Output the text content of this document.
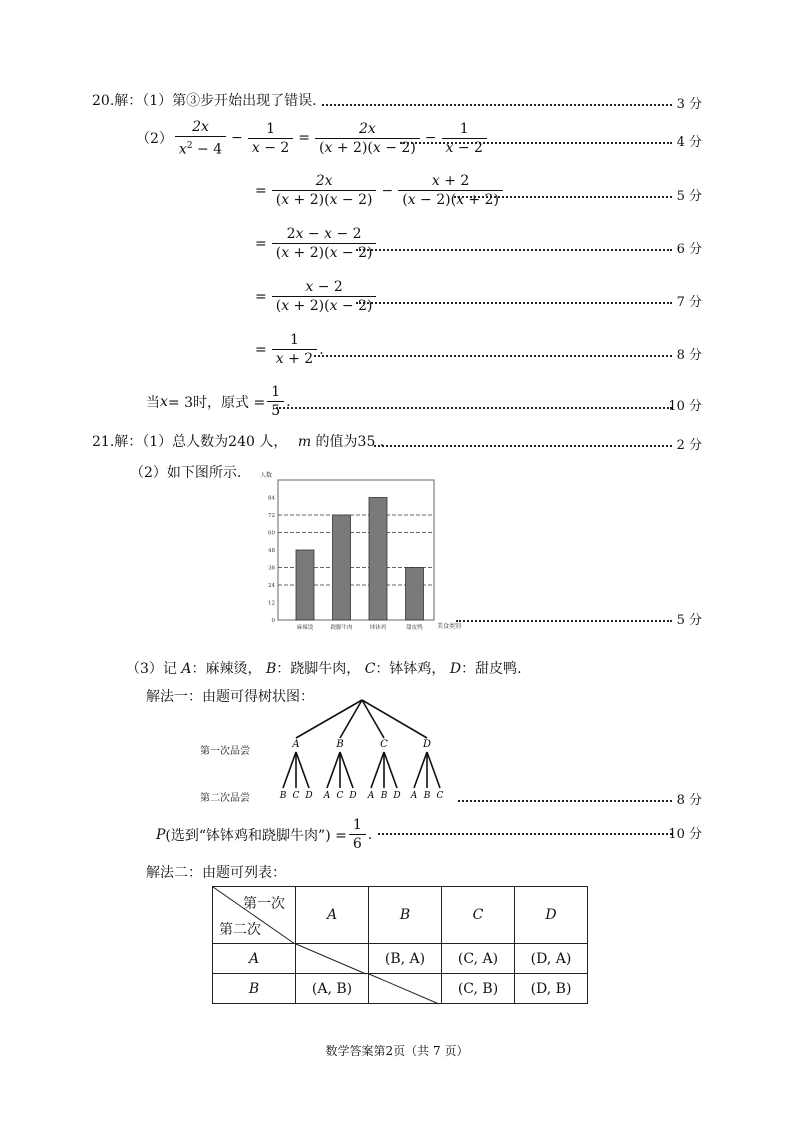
20.解：（1）第③步开始出现了错误.	3 分
$(2) \frac{2x}{x^2 - 4} - \frac{1}{x - 2} = \frac{2x}{(x + 2)(x - 2)} - \frac{1}{x - 2}$	4 分
= $\frac{2x}{(x + 2)(x - 2)} - \frac{x + 2}{(x - 2)(x + 2)}$	5 分
= $\frac{2x - x - 2}{(x + 2)(x - 2)}$	6 分
= $\frac{x - 2}{(x + 2)(x - 2)}$	7 分
= $\frac{1}{x + 2}$ .	8 分
当 x = 3时，原式 = $\frac{1}{5}$ .	10 分
21.解：（1）总人数为240 人， m 的值为35 .	2 分
（2）如下图所示.
0
12
24
36
48
60
72
84
麻辣烫	跷脚牛肉	钵钵鸡	甜皮鸭
人数
美食类别	5 分
（3）记 A：麻辣烫， B：跷脚牛肉， C：钵钵鸡， D：甜皮鸭.
解法一：由题可得树状图：
第一次品尝
第二次品尝
A
B C D
B
A C D
C
A B D
D
A B C	8 分
P (选到“钵钵鸡和跷脚牛肉”) = $\frac{1}{6}$ .	10 分
解法二：由题可列表：
第一次
第二次	A	B	C	D
A		(B, A)	(C, A)	(D, A)
B	(A, B)		(C, B)	(D, B)
数学答案第2页（共 7 页）
